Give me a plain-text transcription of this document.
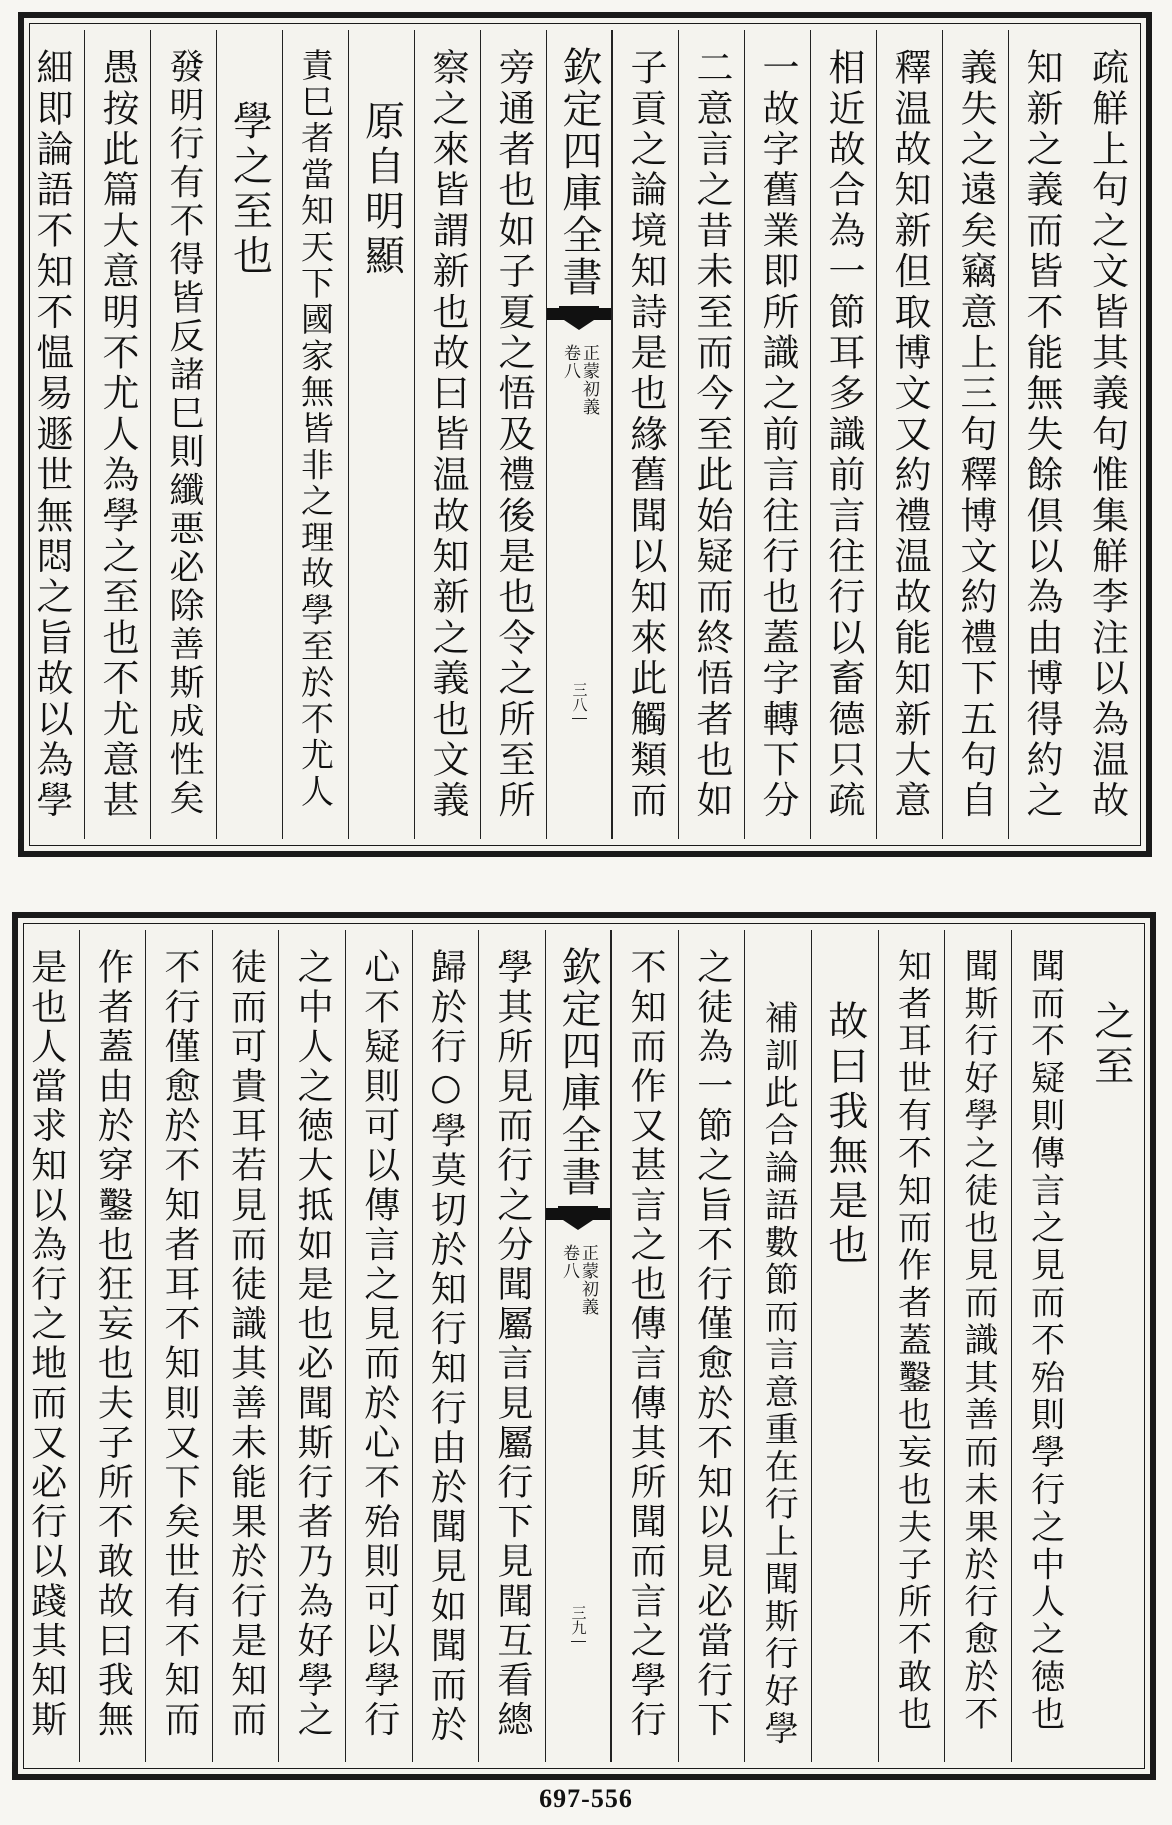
疏觧上句之文皆其義句惟集觧李注以為温故
知新之義而皆不能無失餘倶以為由博得約之
義失之遠矣竊意上三句釋博文約禮下五句自
釋温故知新但取博文又約禮温故能知新大意
相近故合為一節耳多識前言往行以畜德只疏
一故字舊業即所識之前言往行也蓋字轉下分
二意言之昔未至而今至此始疑而終悟者也如
子貢之論境知詩是也緣舊聞以知來此觸類而
旁通者也如子夏之悟及禮後是也令之所至所
察之來皆謂新也故曰皆温故知新之義也文義
原自明顯
責巳者當知天下國家無皆非之理故學至於不尤人
學之至也
發明行有不得皆反諸巳則纖悪必除善斯成性矣
愚按此篇大意明不尤人為學之至也不尤意甚
細即論語不知不愠易遯世無悶之旨故以為學	欽定四庫全書
正蒙初義
卷八
三八
之至
聞而不疑則傳言之見而不殆則學行之中人之徳也
聞斯行好學之徒也見而識其善而未果於行愈於不
知者耳世有不知而作者蓋鑿也妄也夫子所不敢也
故曰我無是也
補訓此合論語數節而言意重在行上聞斯行好學
之徒為一節之旨不行僅愈於不知以見必當行下
不知而作又甚言之也傳言傳其所聞而言之學行
學其所見而行之分聞屬言見屬行下見聞互看總
歸於行○學莫切於知行知行由於聞見如聞而於
心不疑則可以傳言之見而於心不殆則可以學行
之中人之徳大抵如是也必聞斯行者乃為好學之
徒而可貴耳若見而徒識其善未能果於行是知而
不行僅愈於不知者耳不知則又下矣世有不知而
作者蓋由於穿鑿也狂妄也夫子所不敢故曰我無
是也人當求知以為行之地而又必行以踐其知斯	欽定四庫全書
正蒙初義
卷八
三九
697-556
